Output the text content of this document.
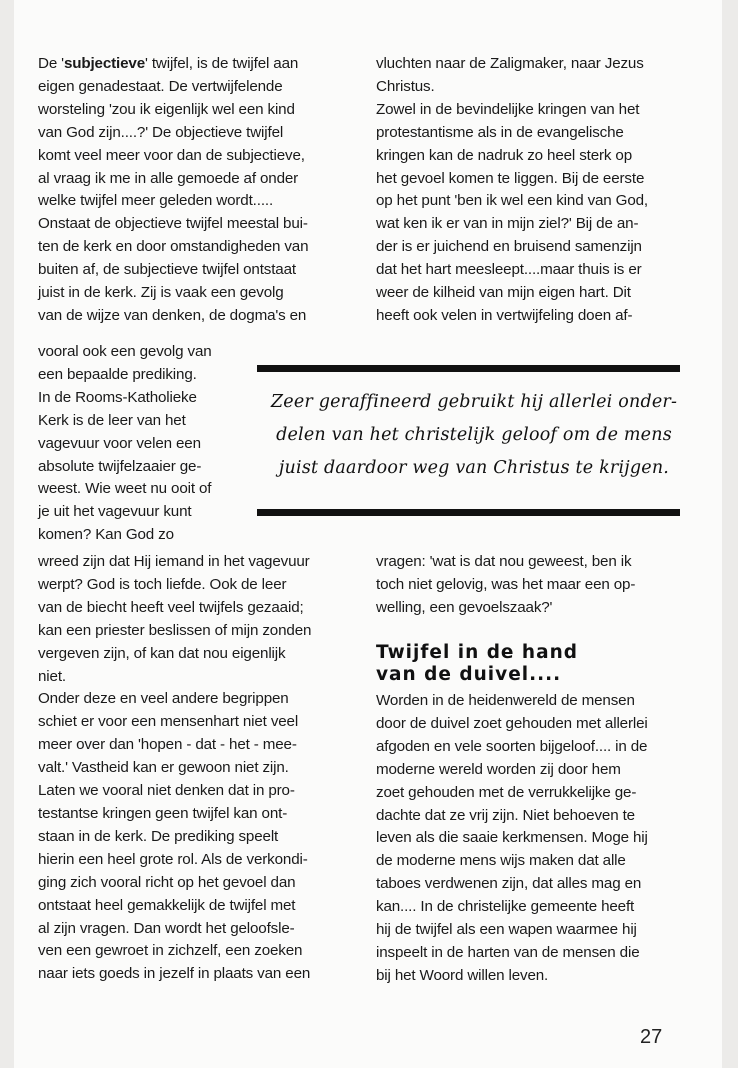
De 'subjectieve' twijfel, is de twijfel aan
eigen genadestaat. De vertwijfelende
worsteling 'zou ik eigenlijk wel een kind
van God zijn....?' De objectieve twijfel
komt veel meer voor dan de subjectieve,
al vraag ik me in alle gemoede af onder
welke twijfel meer geleden wordt.....
Onstaat de objectieve twijfel meestal bui-
ten de kerk en door omstandigheden van
buiten af, de subjectieve twijfel ontstaat
juist in de kerk. Zij is vaak een gevolg
van de wijze van denken, de dogma's en
vluchten naar de Zaligmaker, naar Jezus
Christus.
Zowel in de bevindelijke kringen van het
protestantisme als in de evangelische
kringen kan de nadruk zo heel sterk op
het gevoel komen te liggen. Bij de eerste
op het punt 'ben ik wel een kind van God,
wat ken ik er van in mijn ziel?' Bij de an-
der is er juichend en bruisend samenzijn
dat het hart meesleept....maar thuis is er
weer de kilheid van mijn eigen hart. Dit
heeft ook velen in vertwijfeling doen af-
vooral ook een gevolg van
een bepaalde prediking.
In de Rooms-Katholieke
Kerk is de leer van het
vagevuur voor velen een
absolute twijfelzaaier ge-
weest. Wie weet nu ooit of
je uit het vagevuur kunt
komen? Kan God zo
Zeer geraffineerd gebruikt hij allerlei onder-
delen van het christelijk geloof om de mens
juist daardoor weg van Christus te krijgen.
wreed zijn dat Hij iemand in het vagevuur
werpt? God is toch liefde. Ook de leer
van de biecht heeft veel twijfels gezaaid;
kan een priester beslissen of mijn zonden
vergeven zijn, of kan dat nou eigenlijk
niet.
Onder deze en veel andere begrippen
schiet er voor een mensenhart niet veel
meer over dan 'hopen - dat - het - mee-
valt.' Vastheid kan er gewoon niet zijn.
Laten we vooral niet denken dat in pro-
testantse kringen geen twijfel kan ont-
staan in de kerk. De prediking speelt
hierin een heel grote rol. Als de verkondi-
ging zich vooral richt op het gevoel dan
ontstaat heel gemakkelijk de twijfel met
al zijn vragen. Dan wordt het geloofsle-
ven een gewroet in zichzelf, een zoeken
naar iets goeds in jezelf in plaats van een
vragen: 'wat is dat nou geweest, ben ik
toch niet gelovig, was het maar een op-
welling, een gevoelszaak?'
Twijfel in de hand
van de duivel....
Worden in de heidenwereld de mensen
door de duivel zoet gehouden met allerlei
afgoden en vele soorten bijgeloof.... in de
moderne wereld worden zij door hem
zoet gehouden met de verrukkelijke ge-
dachte dat ze vrij zijn. Niet behoeven te
leven als die saaie kerkmensen. Moge hij
de moderne mens wijs maken dat alle
taboes verdwenen zijn, dat alles mag en
kan.... In de christelijke gemeente heeft
hij de twijfel als een wapen waarmee hij
inspeelt in de harten van de mensen die
bij het Woord willen leven.
27
